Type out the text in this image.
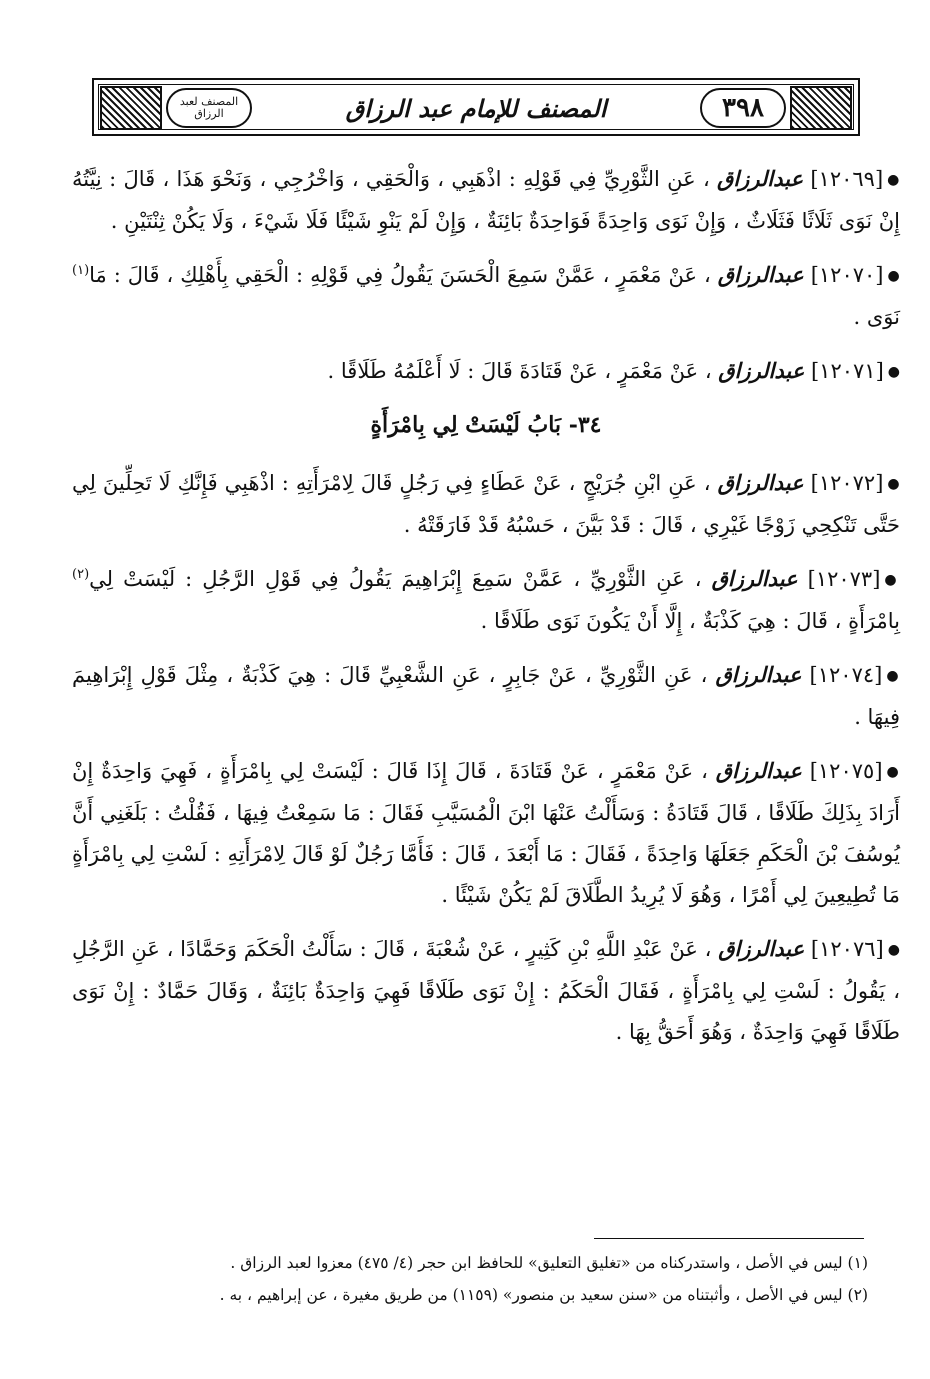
المصنف لعبد الرزاق	المصنف للإمام عبد الرزاق	٣٩٨

●[١٢٠٦٩] عبدالرزاق ، عَنِ الثَّوْرِيِّ فِي قَوْلِهِ : اذْهَبِي ، وَالْحَقِي ، وَاخْرُجِي ، وَنَحْوَ هَذَا ، قَالَ : نِيَّتُهُ إِنْ نَوَى ثَلَاثًا فَثَلَاثٌ ، وَإِنْ نَوَى وَاحِدَةً فَوَاحِدَةٌ بَائِنَةٌ ، وَإِنْ لَمْ يَنْوِ شَيْئًا فَلَا شَيْءَ ، وَلَا يَكُنْ ثِنْتَيْنِ .

●[١٢٠٧٠] عبدالرزاق ، عَنْ مَعْمَرٍ ، عَمَّنْ سَمِعَ الْحَسَنَ يَقُولُ فِي قَوْلِهِ : الْحَقِي بِأَهْلِكِ ، قَالَ : مَا$^{(١)}$ نَوَى .

●[١٢٠٧١] عبدالرزاق ، عَنْ مَعْمَرٍ ، عَنْ قَتَادَةَ قَالَ : لَا أَعْلَمُهُ طَلَاقًا .

٣٤- بَابُ لَيْسَتْ لِي بِامْرَأَةٍ

●[١٢٠٧٢] عبدالرزاق ، عَنِ ابْنِ جُرَيْجٍ ، عَنْ عَطَاءٍ فِي رَجُلٍ قَالَ لِامْرَأَتِهِ : اذْهَبِي فَإِنَّكِ لَا تَحِلِّينَ لِي حَتَّى تَنْكِحِي زَوْجًا غَيْرِي ، قَالَ : قَدْ بَيَّنَ ، حَسْبُهُ قَدْ فَارَقَتْهُ .

●[١٢٠٧٣] عبدالرزاق ، عَنِ الثَّوْرِيِّ ، عَمَّنْ سَمِعَ إِبْرَاهِيمَ يَقُولُ فِي قَوْلِ الرَّجُلِ : لَيْسَتْ لِي$^{(٢)}$ بِامْرَأَةٍ ، قَالَ : هِيَ كَذْبَةٌ ، إِلَّا أَنْ يَكُونَ نَوَى طَلَاقًا .

●[١٢٠٧٤] عبدالرزاق ، عَنِ الثَّوْرِيِّ ، عَنْ جَابِرٍ ، عَنِ الشَّعْبِيِّ قَالَ : هِيَ كَذْبَةٌ ، مِثْلَ قَوْلِ إِبْرَاهِيمَ فِيهَا .

●[١٢٠٧٥] عبدالرزاق ، عَنْ مَعْمَرٍ ، عَنْ قَتَادَةَ ، قَالَ إِذَا قَالَ : لَيْسَتْ لِي بِامْرَأَةٍ ، فَهِيَ وَاحِدَةٌ إِنْ أَرَادَ بِذَلِكَ طَلَاقًا ، قَالَ قَتَادَةُ : وَسَأَلْتُ عَنْهَا ابْنَ الْمُسَيَّبِ فَقَالَ : مَا سَمِعْتُ فِيهَا ، فَقُلْتُ : بَلَغَنِي أَنَّ يُوسُفَ بْنَ الْحَكَمِ جَعَلَهَا وَاحِدَةً ، فَقَالَ : مَا أَبْعَدَ ، قَالَ : فَأَمَّا رَجُلٌ لَوْ قَالَ لِامْرَأَتِهِ : لَسْتِ لِي بِامْرَأَةٍ مَا تُطِيعِينَ لِي أَمْرًا ، وَهُوَ لَا يُرِيدُ الطَّلَاقَ لَمْ يَكُنْ شَيْئًا .

●[١٢٠٧٦] عبدالرزاق ، عَنْ عَبْدِ اللَّهِ بْنِ كَثِيرٍ ، عَنْ شُعْبَةَ ، قَالَ : سَأَلْتُ الْحَكَمَ وَحَمَّادًا ، عَنِ الرَّجُلِ ، يَقُولُ : لَسْتِ لِي بِامْرَأَةٍ ، فَقَالَ الْحَكَمُ : إِنْ نَوَى طَلَاقًا فَهِيَ وَاحِدَةٌ بَائِنَةٌ ، وَقَالَ حَمَّادٌ : إِنْ نَوَى طَلَاقًا فَهِيَ وَاحِدَةٌ ، وَهُوَ أَحَقُّ بِهَا .

(١) ليس في الأصل ، واستدركناه من «تغليق التعليق» للحافظ ابن حجر (٤/ ٤٧٥) معزوا لعبد الرزاق .

(٢) ليس في الأصل ، وأثبتناه من «سنن سعيد بن منصور» (١١٥٩) من طريق مغيرة ، عن إبراهيم ، به .
